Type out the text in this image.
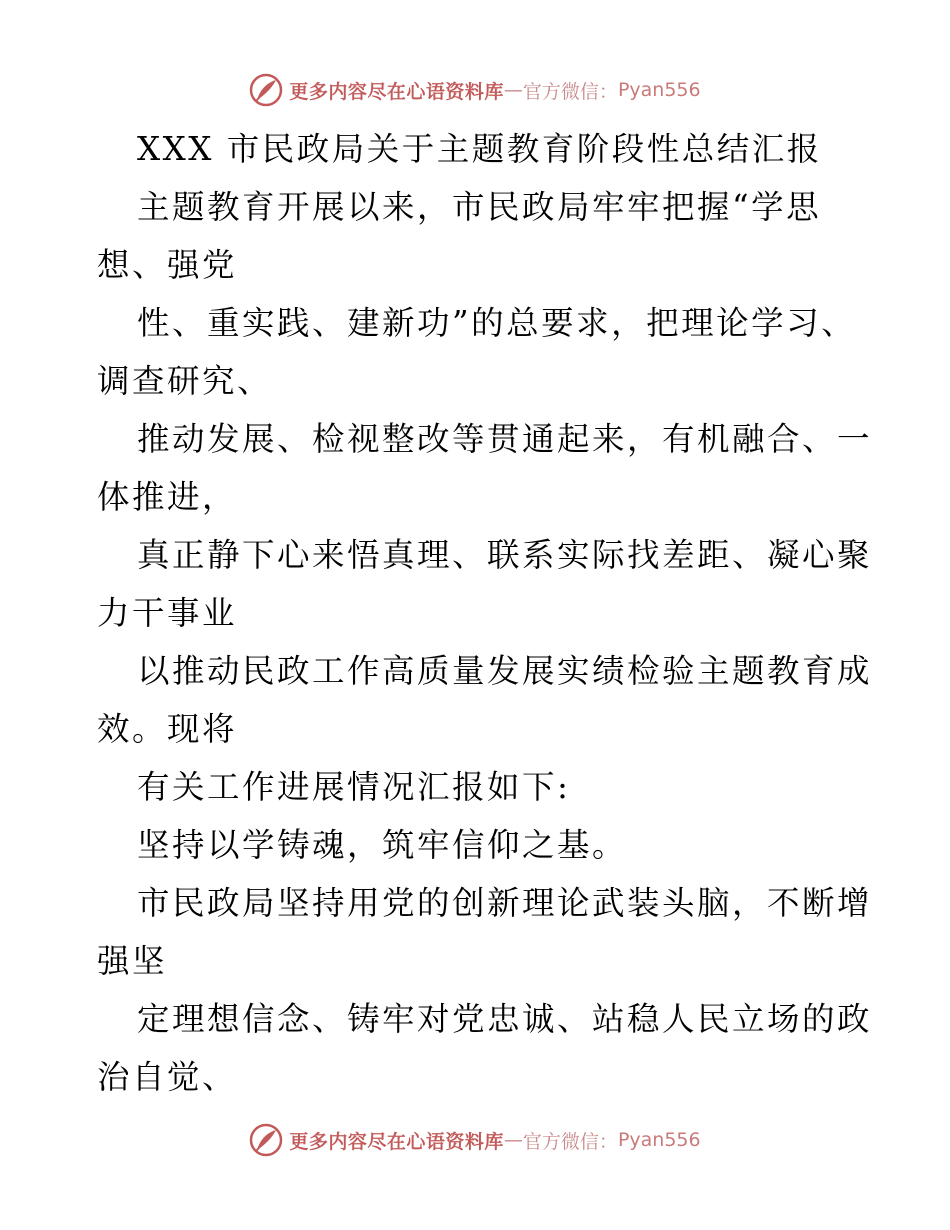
更多内容尽在心语资料库 — 官方微信： Pyan556
XXX 市民政局关于主题教育阶段性总结汇报
主题教育开展以来，市民政局牢牢把握“学思
想、强党
性、重实践、建新功”的总要求，把理论学习、
调查研究、
推动发展、检视整改等贯通起来，有机融合、一
体推进，
真正静下心来悟真理、联系实际找差距、凝心聚
力干事业
以推动民政工作高质量发展实绩检验主题教育成
效。现将
有关工作进展情况汇报如下:
坚持以学铸魂，筑牢信仰之基。
市民政局坚持用党的创新理论武装头脑，不断增
强坚
定理想信念、铸牢对党忠诚、站稳人民立场的政
治自觉、
更多内容尽在心语资料库 — 官方微信： Pyan556
